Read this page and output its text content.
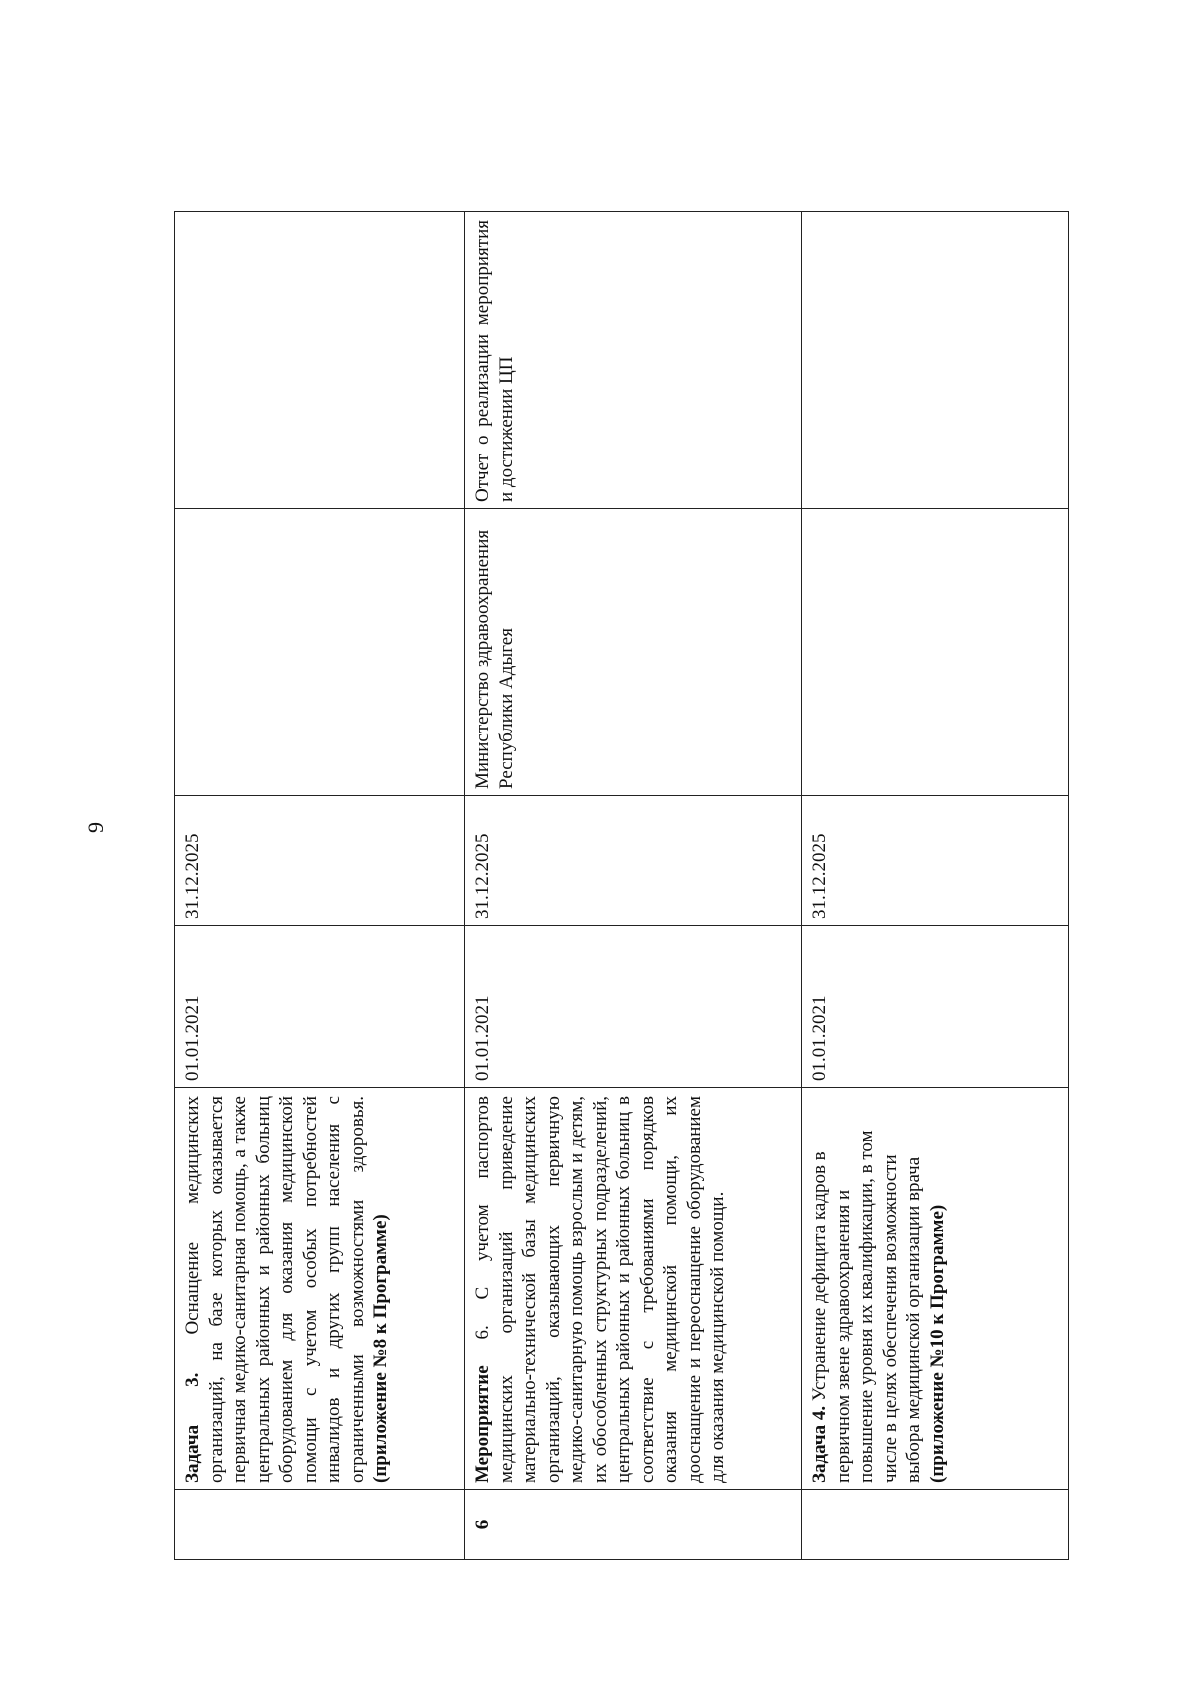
9
	Задача 3. Оснащение медицинских организаций, на базе которых оказывается первичная медико-санитарная помощь, а также центральных районных и районных больниц оборудованием для оказания медицинской помощи с учетом особых потребностей инвалидов и других групп населения с ограниченными возможностями здоровья. (приложение №8 к Программе)	01.01.2021	31.12.2025		
6	Мероприятие 6. С учетом паспортов медицинских организаций приведение материально-технической базы медицинских организаций, оказывающих первичную медико-санитарную помощь взрослым и детям, их обособленных структурных подразделений, центральных районных и районных больниц в соответствие с требованиями порядков оказания медицинской помощи, их дооснащение и переоснащение оборудованием для оказания медицинской помощи.	01.01.2021	31.12.2025	Министерство здравоохранения Республики Адыгея	Отчет о реализации мероприятия и достижении ЦП
	Задача 4. Устранение дефицита кадров в первичном звене здравоохранения и повышение уровня их квалификации, в том числе в целях обеспечения возможности выбора медицинской организации врача (приложение №10 к Программе)	01.01.2021	31.12.2025		
